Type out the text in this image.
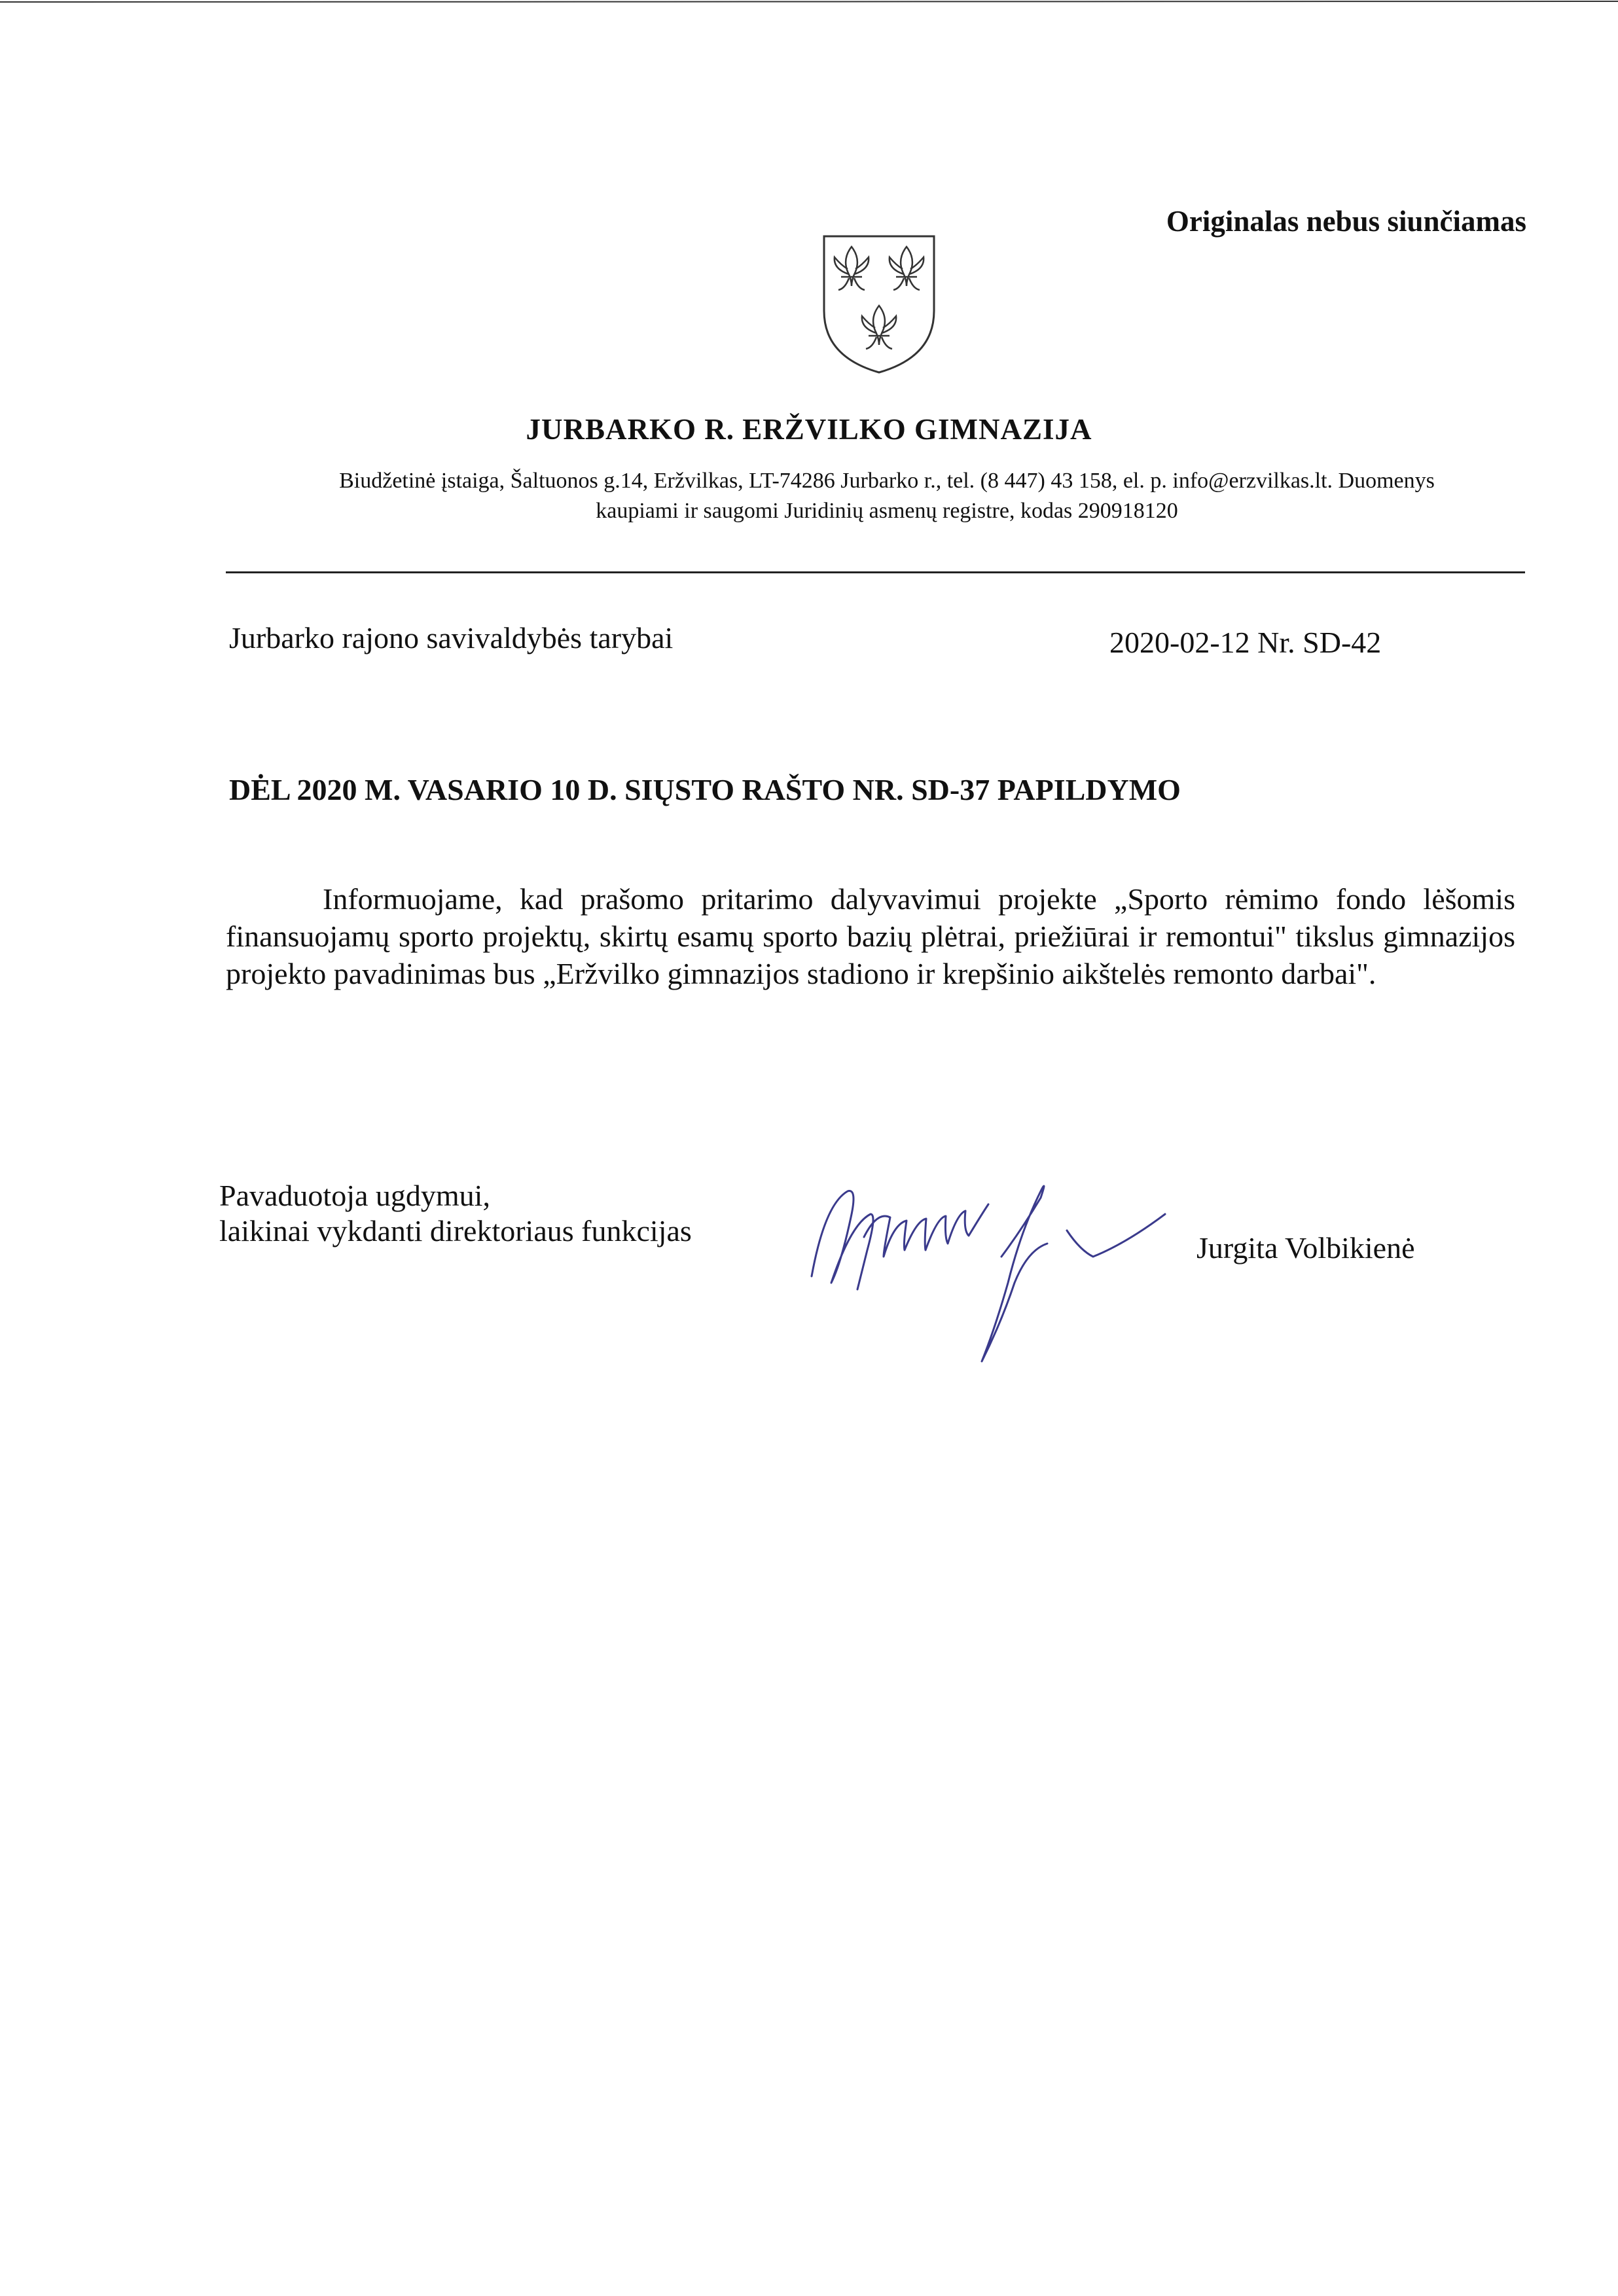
Originalas nebus siunčiamas
JURBARKO R. ERŽVILKO GIMNAZIJA
Biudžetinė įstaiga, Šaltuonos g.14, Eržvilkas, LT-74286 Jurbarko r., tel. (8 447) 43 158, el. p. info@erzvilkas.lt. Duomenys
kaupiami ir saugomi Juridinių asmenų registre, kodas 290918120
Jurbarko rajono savivaldybės tarybai	2020-02-12 Nr. SD-42
DĖL 2020 M. VASARIO 10 D. SIŲSTO RAŠTO NR. SD-37 PAPILDYMO
Informuojame, kad prašomo pritarimo dalyvavimui projekte „Sporto rėmimo fondo lėšomis finansuojamų sporto projektų, skirtų esamų sporto bazių plėtrai, priežiūrai ir remontui" tikslus gimnazijos projekto pavadinimas bus „Eržvilko gimnazijos stadiono ir krepšinio aikštelės remonto darbai".
Pavaduotoja ugdymui,
laikinai vykdanti direktoriaus funkcijas
Jurgita Volbikienė
